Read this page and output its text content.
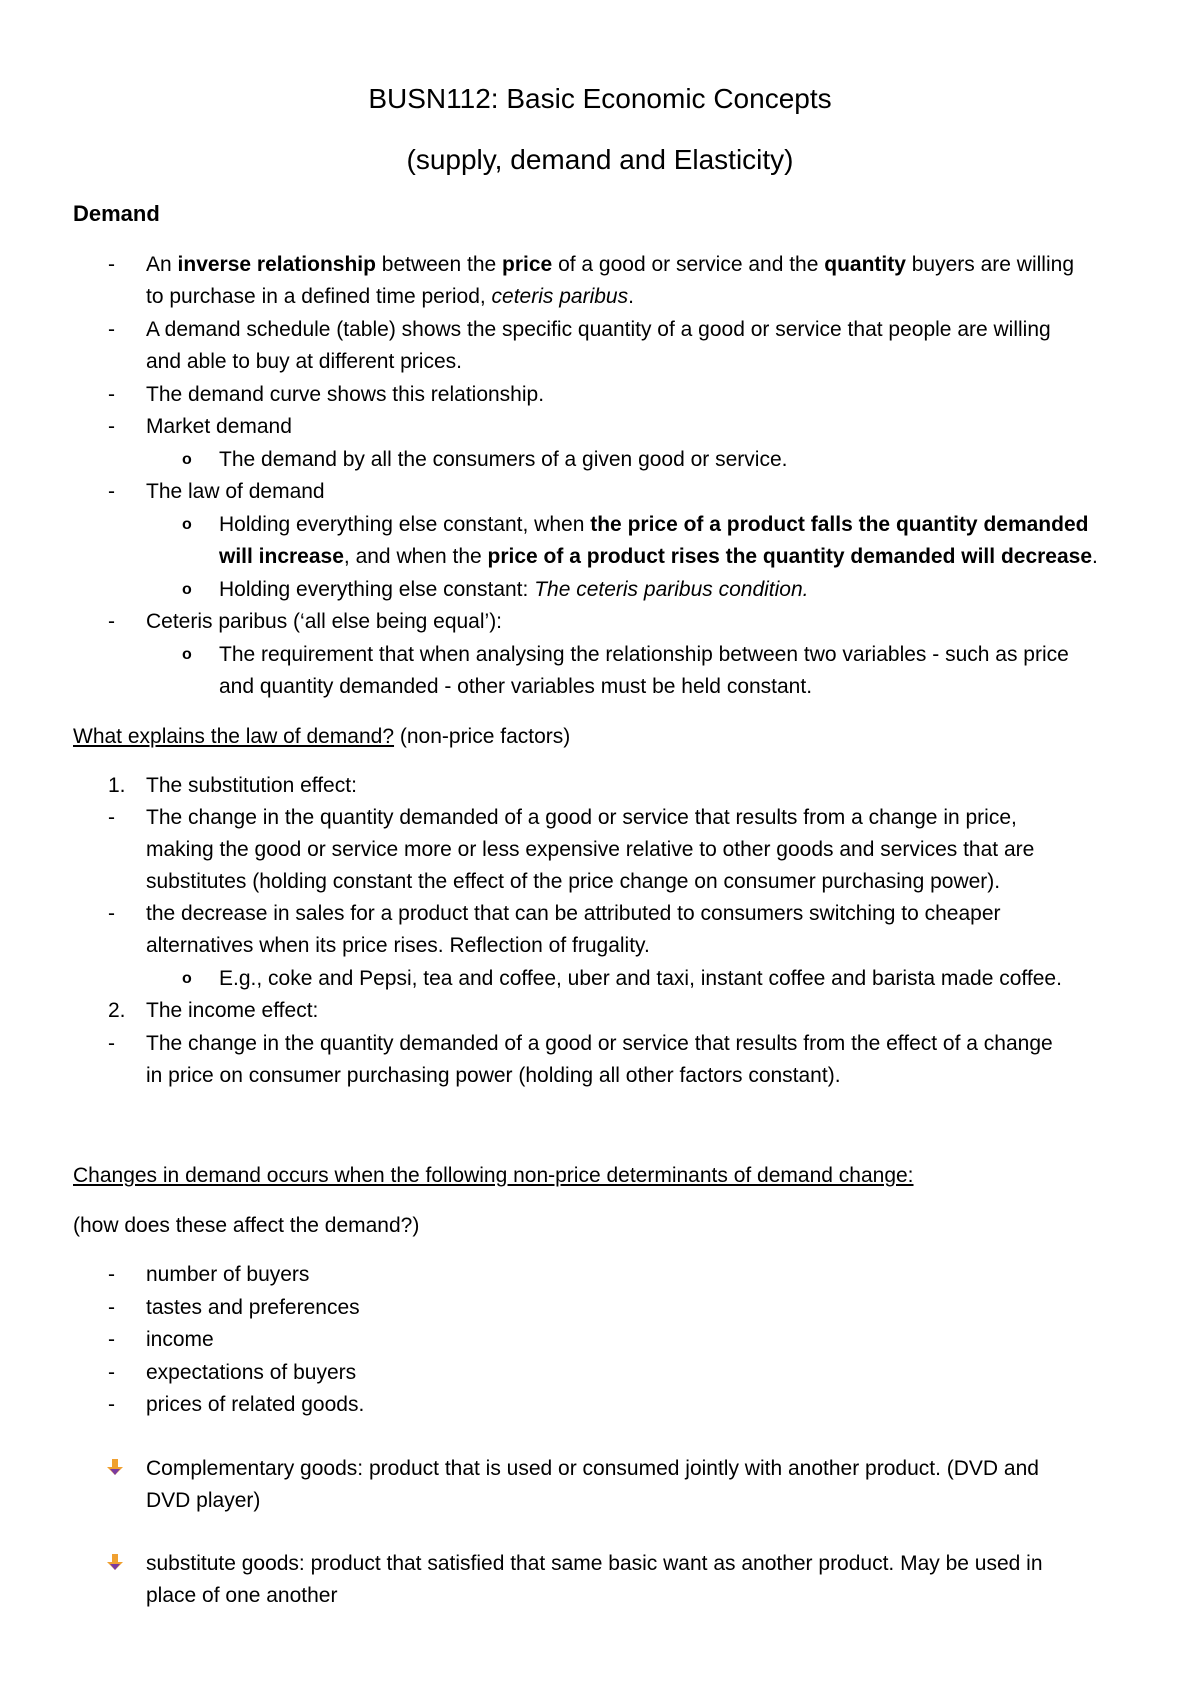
BUSN112: Basic Economic Concepts
(supply, demand and Elasticity)
Demand
- An inverse relationship between the price of a good or service and the quantity buyers are willing
to purchase in a defined time period, ceteris paribus.
- A demand schedule (table) shows the specific quantity of a good or service that people are willing
and able to buy at different prices.
- The demand curve shows this relationship.
- Market demand
o The demand by all the consumers of a given good or service.
- The law of demand
o Holding everything else constant, when the price of a product falls the quantity demanded
will increase, and when the price of a product rises the quantity demanded will decrease.
o Holding everything else constant: The ceteris paribus condition.
- Ceteris paribus (‘all else being equal’):
o The requirement that when analysing the relationship between two variables - such as price
and quantity demanded - other variables must be held constant.
What explains the law of demand? (non-price factors)
1. The substitution effect:
- The change in the quantity demanded of a good or service that results from a change in price,
making the good or service more or less expensive relative to other goods and services that are
substitutes (holding constant the effect of the price change on consumer purchasing power).
- the decrease in sales for a product that can be attributed to consumers switching to cheaper
alternatives when its price rises. Reflection of frugality.
o E.g., coke and Pepsi, tea and coffee, uber and taxi, instant coffee and barista made coffee.
2. The income effect:
- The change in the quantity demanded of a good or service that results from the effect of a change
in price on consumer purchasing power (holding all other factors constant).
Changes in demand occurs when the following non-price determinants of demand change:
(how does these affect the demand?)
- number of buyers
- tastes and preferences
- income
- expectations of buyers
- prices of related goods.
Complementary goods: product that is used or consumed jointly with another product. (DVD and
DVD player)
substitute goods: product that satisfied that same basic want as another product. May be used in
place of one another
